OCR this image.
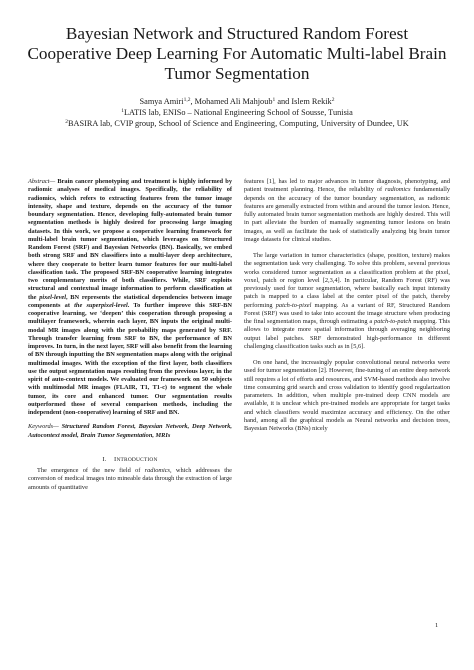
Bayesian Network and Structured Random Forest Cooperative Deep Learning For Automatic Multi-label Brain Tumor Segmentation
Samya Amiri$^{1,2}$, Mohamed Ali Mahjoub$^1$ and Islem Rekik$^2$
$^1$LATIS lab, ENISo – National Engineering School of Sousse, Tunisia
$^2$BASIRA lab, CVIP group, School of Science and Engineering, Computing, University of Dundee, UK

Abstract— Brain cancer phenotyping and treatment is highly informed by radiomic analyses of medical images. Specifically, the reliability of radiomics, which refers to extracting features from the tumor image intensity, shape and texture, depends on the accuracy of the tumor boundary segmentation. Hence, developing fully-automated brain tumor segmentation methods is highly desired for processing large imaging datasets. In this work, we propose a cooperative learning framework for multi-label brain tumor segmentation, which leverages on Structured Random Forest (SRF) and Bayesian Networks (BN). Basically, we embed both strong SRF and BN classifiers into a multi-layer deep architecture, where they cooperate to better learn tumor features for our multi-label classification task. The proposed SRF-BN cooperative learning integrates two complementary merits of both classifiers. While, SRF exploits structural and contextual image information to perform classification at the pixel-level, BN represents the statistical dependencies between image components at the superpixel-level. To further improve this SRF-BN cooperative learning, we ‘deepen’ this cooperation through proposing a multilayer framework, wherein each layer, BN inputs the original multi-modal MR images along with the probability maps generated by SRF. Through transfer learning from SRF to BN, the performance of BN improves. In turn, in the next layer, SRF will also benefit from the learning of BN through inputting the BN segmentation maps along with the original multimodal images. With the exception of the first layer, both classifiers use the output segmentation maps resulting from the previous layer, in the spirit of auto-context models. We evaluated our framework on 50 subjects with multimodal MR images (FLAIR, T1, T1-c) to segment the whole tumor, its core and enhanced tumor. Our segmentation results outperformed those of several comparison methods, including the independent (non-cooperative) learning of SRF and BN.

Keywords— Structured Random Forest, Bayesian Network, Deep Network, Autocontext model, Brain Tumor Segmentation, MRIs

I. INTRODUCTION

The emergence of the new field of radiomics, which addresses the conversion of medical images into mineable data through the extraction of large amounts of quantitative

features [1], has led to major advances in tumor diagnosis, phenotyping, and patient treatment planning. Hence, the reliability of radiomics fundamentally depends on the accuracy of the tumor boundary segmentation, as radiomic features are generally extracted from within and around the tumor lesion. Hence, fully automated brain tumor segmentation methods are highly desired. This will in part alleviate the burden of manually segmenting tumor lesions on brain images, as well as facilitate the task of statistically analyzing big brain tumor image datasets for clinical studies.

The large variation in tumor characteristics (shape, position, texture) makes the segmentation task very challenging. To solve this problem, several previous works considered tumor segmentation as a classification problem at the pixel, voxel, patch or region level [2,3,4]. In particular, Random Forest (RF) was previously used for tumor segmentation, where basically each input intensity patch is mapped to a class label at the center pixel of the patch, thereby performing patch-to-pixel mapping. As a variant of RF, Structured Random Forest (SRF) was used to take into account the image structure when producing the final segmentation maps, through estimating a patch-to-patch mapping. This allows to integrate more spatial information through averaging neighboring output label patches. SRF demonstrated high-performance in different challenging classification tasks such as in [5,6].

On one hand, the increasingly popular convolutional neural networks were used for tumor segmentation [2]. However, fine-tuning of an entire deep network still requires a lot of efforts and resources, and SVM-based methods also involve time consuming grid search and cross validation to identify good regularization parameters. In addition, when multiple pre-trained deep CNN models are available, it is unclear which pre-trained models are appropriate for target tasks and which classifiers would maximize accuracy and efficiency. On the other hand, among all the graphical models as Neural networks and decision trees, Bayesian Networks (BNs) nicely

1
